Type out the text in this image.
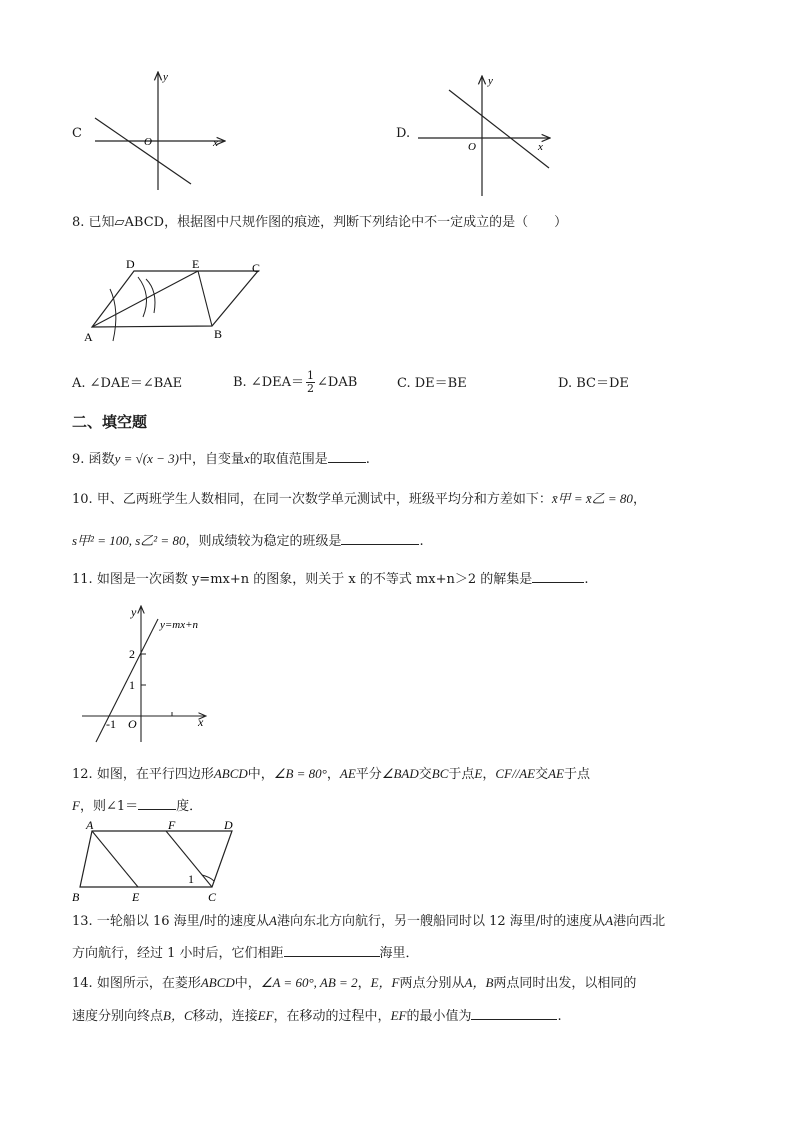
C
y
x
O
D.
y
x
O
8. 已知▱ABCD，根据图中尺规作图的痕迹，判断下列结论中不一定成立的是（　　）
A	B
C
D	E
A. ∠DAE＝∠BAE	B. ∠DEA＝ $\frac{1}{2}$ ∠DAB	C. DE＝BE	D. BC＝DE
二、填空题
9. 函数y = √(x − 3)中，自变量x的取值范围是	.
10. 甲、乙两班学生人数相同，在同一次数学单元测试中，班级平均分和方差如下：x̄甲 = x̄乙 = 80，
s甲² = 100, s乙² = 80，则成绩较为稳定的班级是	.
11. 如图是一次函数 y=mx+n 的图象，则关于 x 的不等式 mx+n＞2 的解集是	.
y=mx+n
2
1
-1 O
y
x
12. 如图，在平行四边形ABCD中，∠B = 80°，AE平分∠BAD交BC于点E，CF//AE交AE于点
F，则∠1＝	度．
A	F	D
B	E	C
1
13. 一轮船以 16 海里/时的速度从A港向东北方向航行，另一艘船同时以 12 海里/时的速度从A港向西北
方向航行，经过 1 小时后，它们相距	海里．
14. 如图所示，在菱形ABCD中，∠A = 60°, AB = 2，E，F两点分别从A，B两点同时出发，以相同的
速度分别向终点B，C移动，连接EF，在移动的过程中，EF的最小值为	.
